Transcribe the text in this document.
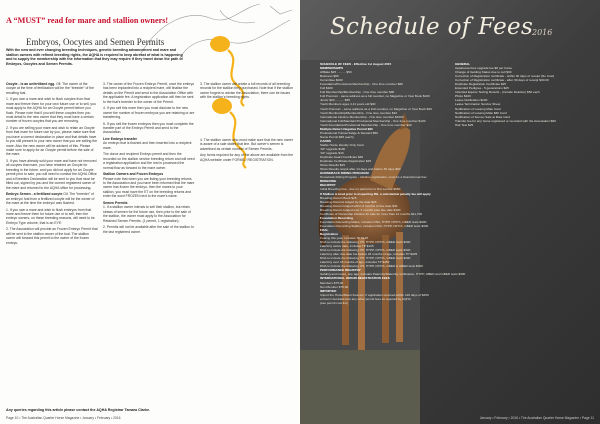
A “MUST” read for mare and stallion owners!
Embryos, Oocytes and Semen Permits
With the new and ever changing breeding techniques, genetic breeding advancement and mare and stallion owners with refined breeding rights, the AQHA is required to keep abreast of what is happening and to supply the membership with the information that they may require if they travel down the path of Embryos, Oocytes and Semen Permits.

Oocyte - is an unfertilized egg. Oll: The owner of the oocyte at the time of fertilization will be the “breeder” of the resulting foal.

1. If you own a mare and wish to flush oocytes from that mare and freeze them for your own future use or to sell, you must apply to the AQHA for an Oocyte permit before you flush. Please note that if you sell these oocytes then you must detail to the new owner that they must have a certain number of frozen oocytes that you are removing.

2. If you are selling your mare and wish to retain an Oocyte from that mare for future use by you, please make sure that you have a correct declaration in place and that details have to you still present to your new owner that you are selling the mare. Also the new owner will be advised of this. Please make sure to apply for an Oocyte permit before the sale of the mare.

3. If you have already sold your mare and have not removed all oocytes that mare, you have retained an Oocyte for breeding in the future, and you did not apply for an Oocyte permit prior to sale, you will need to contact the AQHA Office and a Breeders Declaration will be sent to you that must be filled out, signed by you and the current registered owner of the mare and returned to the AQHA office for processing.

Embryo Semen - a fertilized oocyte Oll: The “breeder” of an embryo/ foal from a fertilized oocyte will be the owner of the mare at the time the embryo/ was flushed.

1. If you own a mare and wish to flush embryos from that mare and freeze them for future use or to sell, then the embryo owners, on these breeding reasons, will need to be Embryo Type volume, that is an EYE.

2. The Association will provide an Frozen Embryo Permit that will be sent to the stallion owner of the foal. The stallion owner will forward this permit to the owner of the frozen embryo.

3. The owner of the Frozen Embryo Permit, once the embryo has been implanted into a recipient mare, will finalise the details on the Permit and send to the Association Office with the applicable fee. A registration application will then be sent to the foal’s breeder to the owner of the Permit.

4. If you sell this mare then you must disclose to the new owner the number of frozen embryos you are retaining or are transferring.

5. If you sell the frozen embryos then you must complete the transfer part of the Embryo Permit and send to the Association.

Live Embryo transfer
An embryo that is flushed and then inserted into a recipient mare.

The donor and recipient Embryo permit and then the recorded on the stallion service breeding return and will need a registration application and the rest is processed the normal flow as forward to the mare owner.

Stallion Owners and Frozen Embryos
Please note that when you are listing your breeding returns to the Association and you have been informed that the mare owner has frozen the embryo, then the mares to your stallion, you must have the ET on the breeding returns and enter the word FROZEN next to the mare’s name.

Semen Permits
1. If a stallion owner intends to sell their stallion, but retain straws of semen for the future use, then prior to the sale of the stallion, the owner must apply to the Association for Retained Semen Permits. (1 permit, 1 registration).

2. Permits will not be available after the sale of the stallion to the last registered owner.

3. The stallion owner will create a full records of all breeding records for the stallion they purchased. Note that if the stallion owner forgets to advise the Association, there can be issues with the stallion’s breeding rights.

4. The stallion owner who must make sure that the new owner is aware of a sale states that line. But owner’s semen is advertised as certain number of Semen Permits.

Any forms required for any of the above are available from the AQHA website under FORMS / REGISTRATION.

Any queries regarding this article please contact the AQHA Registrar Tamara Clarke.
Page 10 • The Australian Quarter Horse Magazine • January • February • 2016
Schedule of Fees
2016
SCHEDULE OF FEES - Effective 1st August 2015
MEMBERSHIPS
Affiliate $25 .......... $50
Business $88
Committee $100
Foundation/Provisional Membership - One time member $80
Full $100
Full Membership/Membership - One time member $90
Full Premium - same address as a full member, no Magazine or Year Book $100
Junior $20 .......... $35
Youth Members ages 4-11 years old $40
Youth Premium - same address as a Full member, no Magazine or Year Book $40
Youth Membership/Membership - One time member $40
International Lifetime Membership - One time member $1000
International Full/Standard Provisional Membership - One time member $100
Youth Foundation/Provisional Membership - One time member $40
Multiple Return Negative Permit $90
Professional Trainer/Judge & Steward $50
Name Permit $65 (each)
CARDS
Stable Horse Identity Only Card
'AP' upgrade $100
'AP' upgrade $40
Duplicate Award Certificate $30
Duplicate Certificate Registration $25
Show Results $25
Show Results output after 14 days and before 30 days $90
HORSEBACK RIDING PROGRAM
Horseback Riding Program - Lifetime registration, must be a financial member
BREEDING
REGISTRY
Initial Breeding Fee - due on paid prior to first service $660
If Stallion is bred prior to inspecting RH, a substantial penalty fee will apply
Breeding Return Book $25
Breeding Returns lodged by the date $25
Breeding Return lodged within 3 months of due date $40
Breeding Return lodged over 3 months past due date $100
Certificate of Ownership Lifetime for sale for more than 12 months $11,700
Foundation Recording
Foundation Recording Males, includes DNA, HYPP, N/HYA, GBED tests $300
Foundation Recording Stallion, includes DNA, HYPP, N/HYA, GBED tests $300
FOAL
Registration
Foaling this year, includes TP $125
DNA to include the following: P5, HYPP, N/HYA, GBED tests $300
Late/Any active date, includes TP $125
DNA to include the following: P5, HYPP, N/HYA, GBED tests $300
Late/Any after due date but before 18 months of age, includes TP $225
DNA to include the following: P5, HYPP, N/HYA, GBED tests $300
Late/Any over 18 months of age, includes TP $450
DNA to include the following: P5, HYPP, N/HYA, GBED & GBED tests $300
PERFORMANCE REGISTRY
Gelding and mares, any age, includes Paternity/Maternity verification, HYPP, GBED and GBED tests $300
INTERNATIONAL ORIGIN REGISTRATION FEES
Members $75.00
Non Member $75.00
IMPORTED
Import the Horse/Mare/ Foal etc. If application received within 120 days of $250
arrival in Australia plus any other permit fees as required by AQHA
(see permit cost list)
GENERAL
Appaloosa fees upgrade fee $8 per horse
Change of Gelding Status due to cull $30
Correction of Registration certificate - within 30 days of receipt (No Cost)
Correction of Registration certificate - after 30 days of receipt $30.00
Duplicate Registration Certificate $25
Extended Pedigree - 5 generations $25
Inherited Equine Testing Results - (include Deletion) $50 each
Photo $100
Lease Notification $100
Lease Termination Service Sheet
Notification of Leasing Male Card
Notification of Leasing Male $60 Card
Notification of Semen Sale at Male Card
Transfer fee for any horse registered or recorded with the Association $90
Hair Test $25
January • February • 2016 • The Australian Quarter Horse Magazine • Page 11
